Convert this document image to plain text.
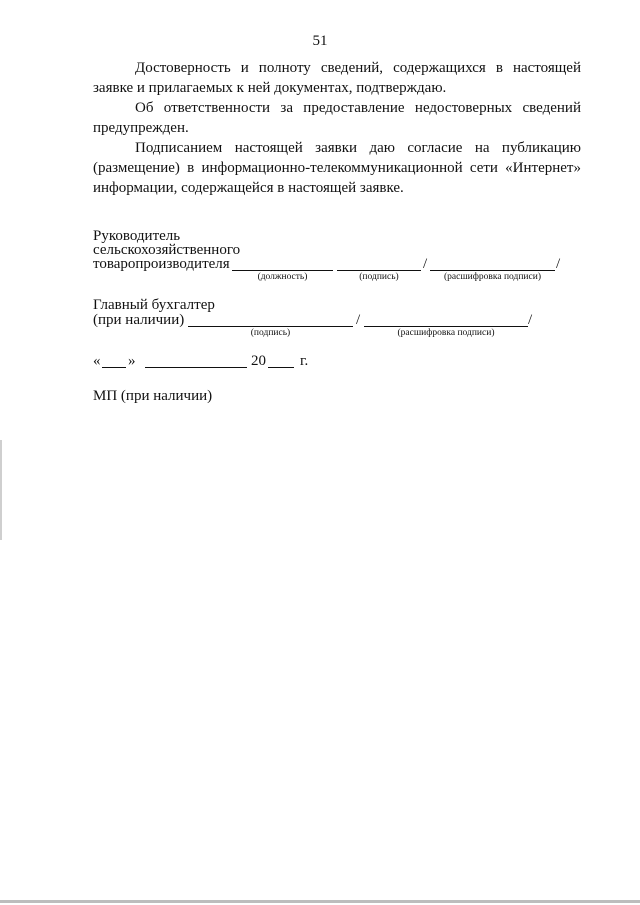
51

Достоверность и полноту сведений, содержащихся в настоящей заявке и прилагаемых к ней документах, подтверждаю.

Об ответственности за предоставление недостоверных сведений предупрежден.

Подписанием настоящей заявки даю согласие на публикацию (размещение) в информационно-телекоммуникационной сети «Интернет» информации, содержащейся в настоящей заявке.

Руководитель
сельскохозяйственного
товаропроизводителя	/	/
(должность)	(подпись)	(расшифровка подписи)
Главный бухгалтер
(при наличии)	/	/
(подпись)	(расшифровка подписи)
« »	20 г.
МП (при наличии)
